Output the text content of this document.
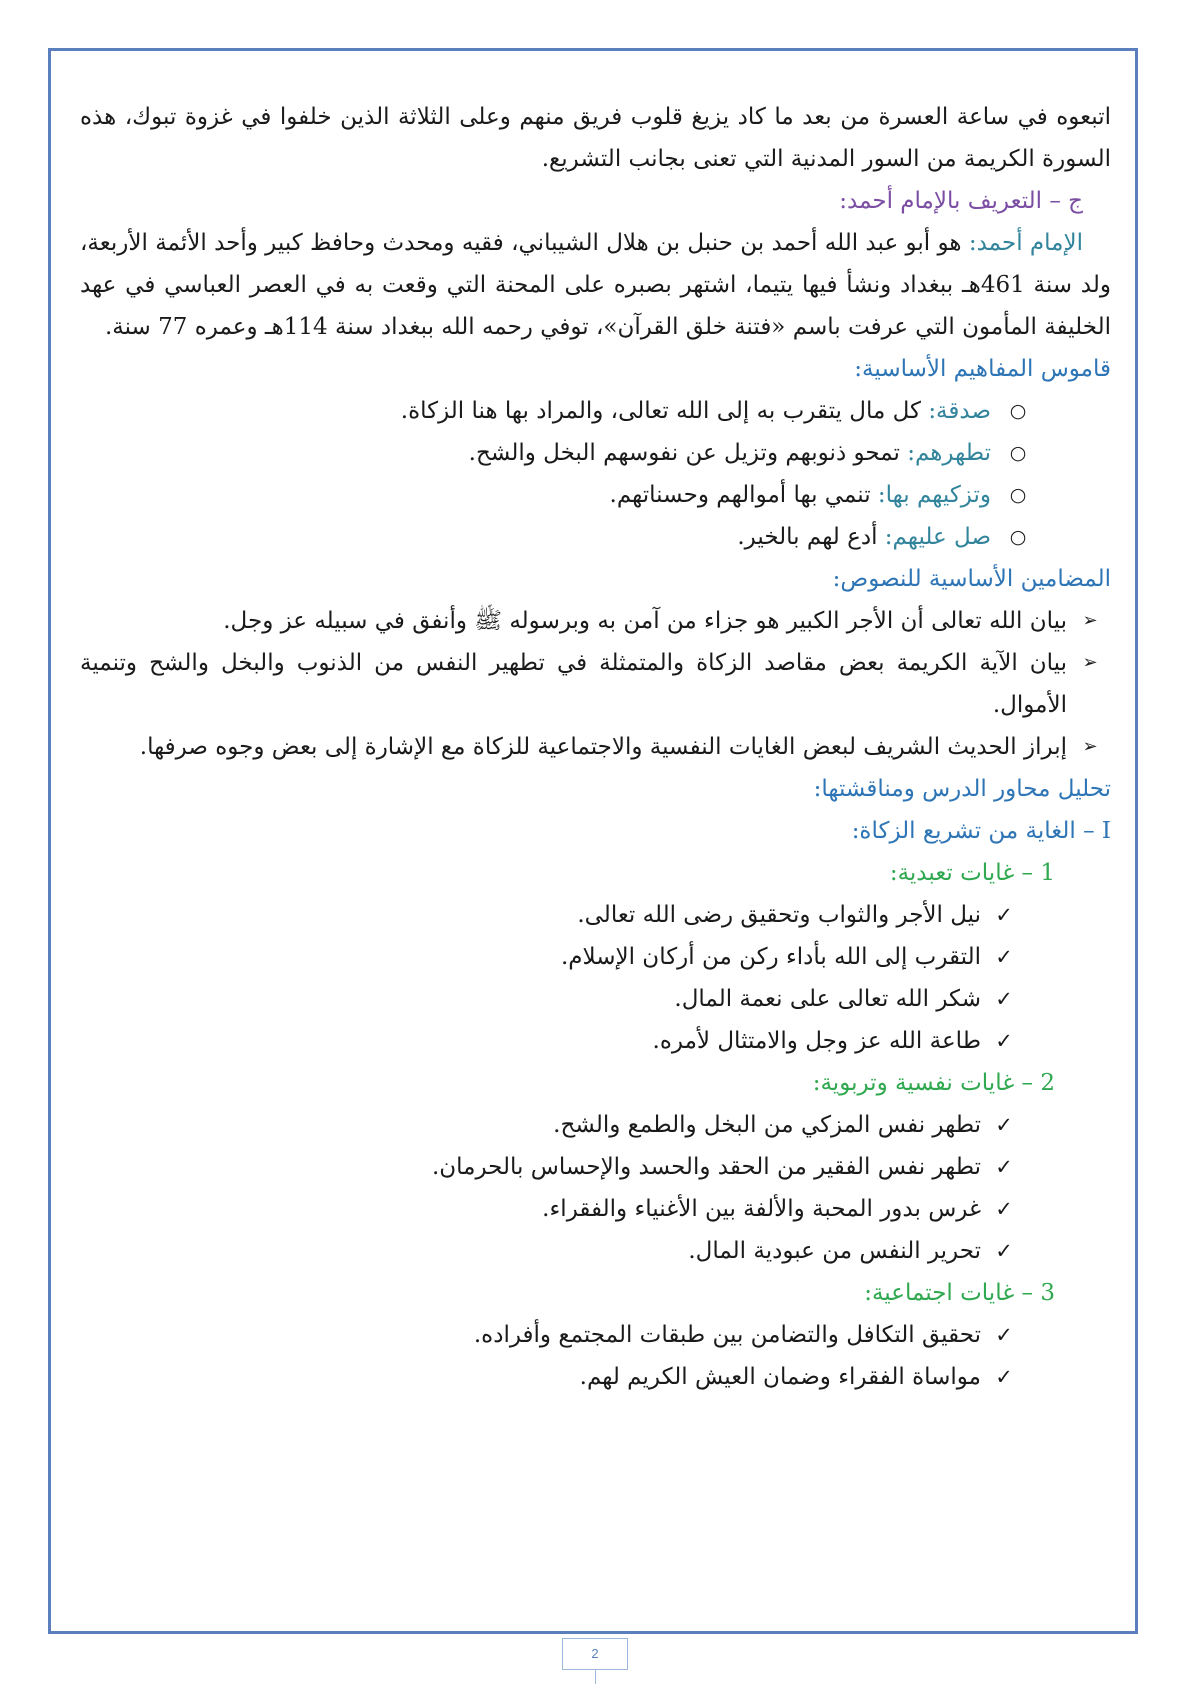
اتبعوه في ساعة العسرة من بعد ما كاد يزيغ قلوب فريق منهم وعلى الثلاثة الذين خلفوا في غزوة تبوك، هذه السورة الكريمة من السور المدنية التي تعنى بجانب التشريع.

ج – التعريف بالإمام أحمد:

الإمام أحمد: هو أبو عبد الله أحمد بن حنبل بن هلال الشيباني، فقيه ومحدث وحافظ كبير وأحد الأئمة الأربعة، ولد سنة 461هـ ببغداد ونشأ فيها يتيما، اشتهر بصبره على المحنة التي وقعت به في العصر العباسي في عهد الخليفة المأمون التي عرفت باسم «فتنة خلق القرآن»، توفي رحمه الله ببغداد سنة 114هـ وعمره 77 سنة.

قاموس المفاهيم الأساسية:

○
صدقة: كل مال يتقرب به إلى الله تعالى، والمراد بها هنا الزكاة.
○
تطهرهم: تمحو ذنوبهم وتزيل عن نفوسهم البخل والشح.
○
وتزكيهم بها: تنمي بها أموالهم وحسناتهم.
○
صل عليهم: أدع لهم بالخير.

المضامين الأساسية للنصوص:

➢
بيان الله تعالى أن الأجر الكبير هو جزاء من آمن به وبرسوله ﷺ وأنفق في سبيله عز وجل.
➢
بيان الآية الكريمة بعض مقاصد الزكاة والمتمثلة في تطهير النفس من الذنوب والبخل والشح وتنمية الأموال.
➢
إبراز الحديث الشريف لبعض الغايات النفسية والاجتماعية للزكاة مع الإشارة إلى بعض وجوه صرفها.

تحليل محاور الدرس ومناقشتها:

I – الغاية من تشريع الزكاة:

1 – غايات تعبدية:

✓
نيل الأجر والثواب وتحقيق رضى الله تعالى.
✓
التقرب إلى الله بأداء ركن من أركان الإسلام.
✓
شكر الله تعالى على نعمة المال.
✓
طاعة الله عز وجل والامتثال لأمره.

2 – غايات نفسية وتربوية:

✓
تطهر نفس المزكي من البخل والطمع والشح.
✓
تطهر نفس الفقير من الحقد والحسد والإحساس بالحرمان.
✓
غرس بدور المحبة والألفة بين الأغنياء والفقراء.
✓
تحرير النفس من عبودية المال.

3 – غايات اجتماعية:

✓
تحقيق التكافل والتضامن بين طبقات المجتمع وأفراده.
✓
مواساة الفقراء وضمان العيش الكريم لهم.
2
